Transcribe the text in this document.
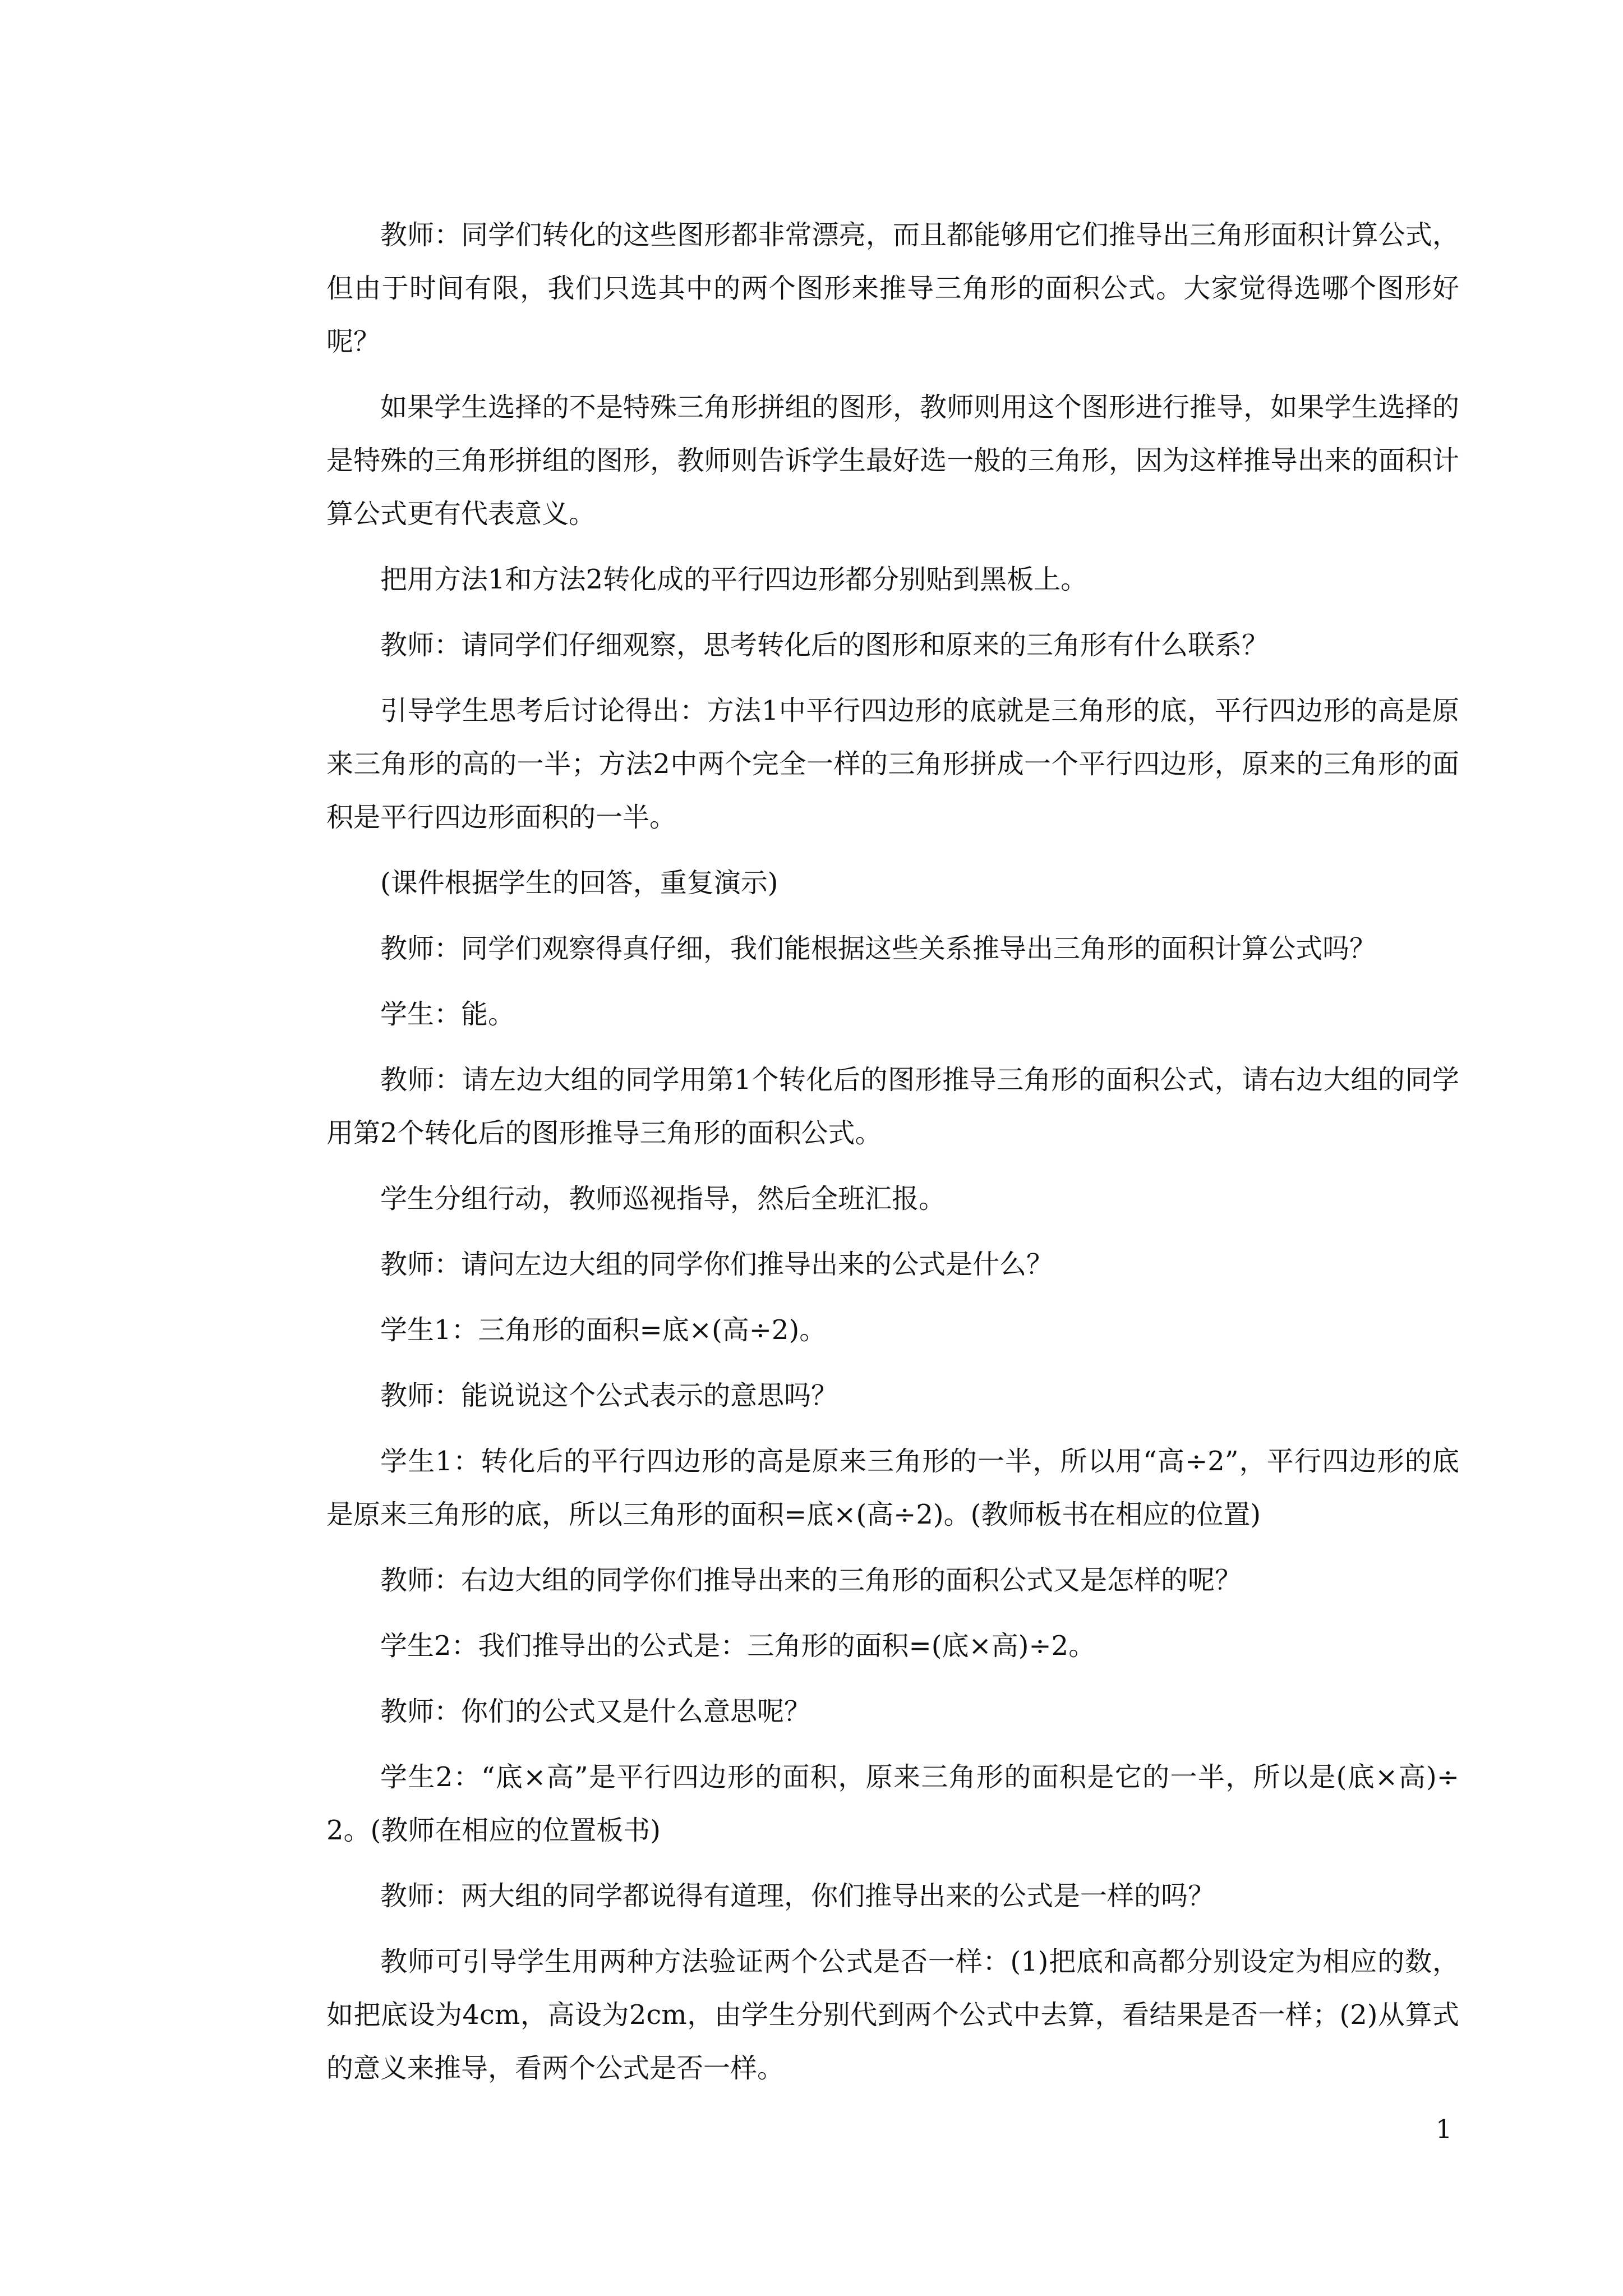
教师：同学们转化的这些图形都非常漂亮，而且都能够用它们推导出三角形面积计算公式，但由于时间有限，我们只选其中的两个图形来推导三角形的面积公式。大家觉得选哪个图形好呢？

如果学生选择的不是特殊三角形拼组的图形，教师则用这个图形进行推导，如果学生选择的是特殊的三角形拼组的图形，教师则告诉学生最好选一般的三角形，因为这样推导出来的面积计算公式更有代表意义。

把用方法1和方法2转化成的平行四边形都分别贴到黑板上。

教师：请同学们仔细观察，思考转化后的图形和原来的三角形有什么联系？

引导学生思考后讨论得出：方法1中平行四边形的底就是三角形的底，平行四边形的高是原来三角形的高的一半；方法2中两个完全一样的三角形拼成一个平行四边形，原来的三角形的面积是平行四边形面积的一半。

(课件根据学生的回答，重复演示)

教师：同学们观察得真仔细，我们能根据这些关系推导出三角形的面积计算公式吗？

学生：能。

教师：请左边大组的同学用第1个转化后的图形推导三角形的面积公式，请右边大组的同学用第2个转化后的图形推导三角形的面积公式。

学生分组行动，教师巡视指导，然后全班汇报。

教师：请问左边大组的同学你们推导出来的公式是什么？

学生1：三角形的面积=底×(高÷2)。

教师：能说说这个公式表示的意思吗？

学生1：转化后的平行四边形的高是原来三角形的一半，所以用“高÷2”，平行四边形的底是原来三角形的底，所以三角形的面积=底×(高÷2)。(教师板书在相应的位置)

教师：右边大组的同学你们推导出来的三角形的面积公式又是怎样的呢？

学生2：我们推导出的公式是：三角形的面积=(底×高)÷2。

教师：你们的公式又是什么意思呢？

学生2：“底×高”是平行四边形的面积，原来三角形的面积是它的一半，所以是(底×高)÷2。(教师在相应的位置板书)

教师：两大组的同学都说得有道理，你们推导出来的公式是一样的吗？

教师可引导学生用两种方法验证两个公式是否一样：(1)把底和高都分别设定为相应的数，如把底设为4cm，高设为2cm，由学生分别代到两个公式中去算，看结果是否一样；(2)从算式的意义来推导，看两个公式是否一样。

1
